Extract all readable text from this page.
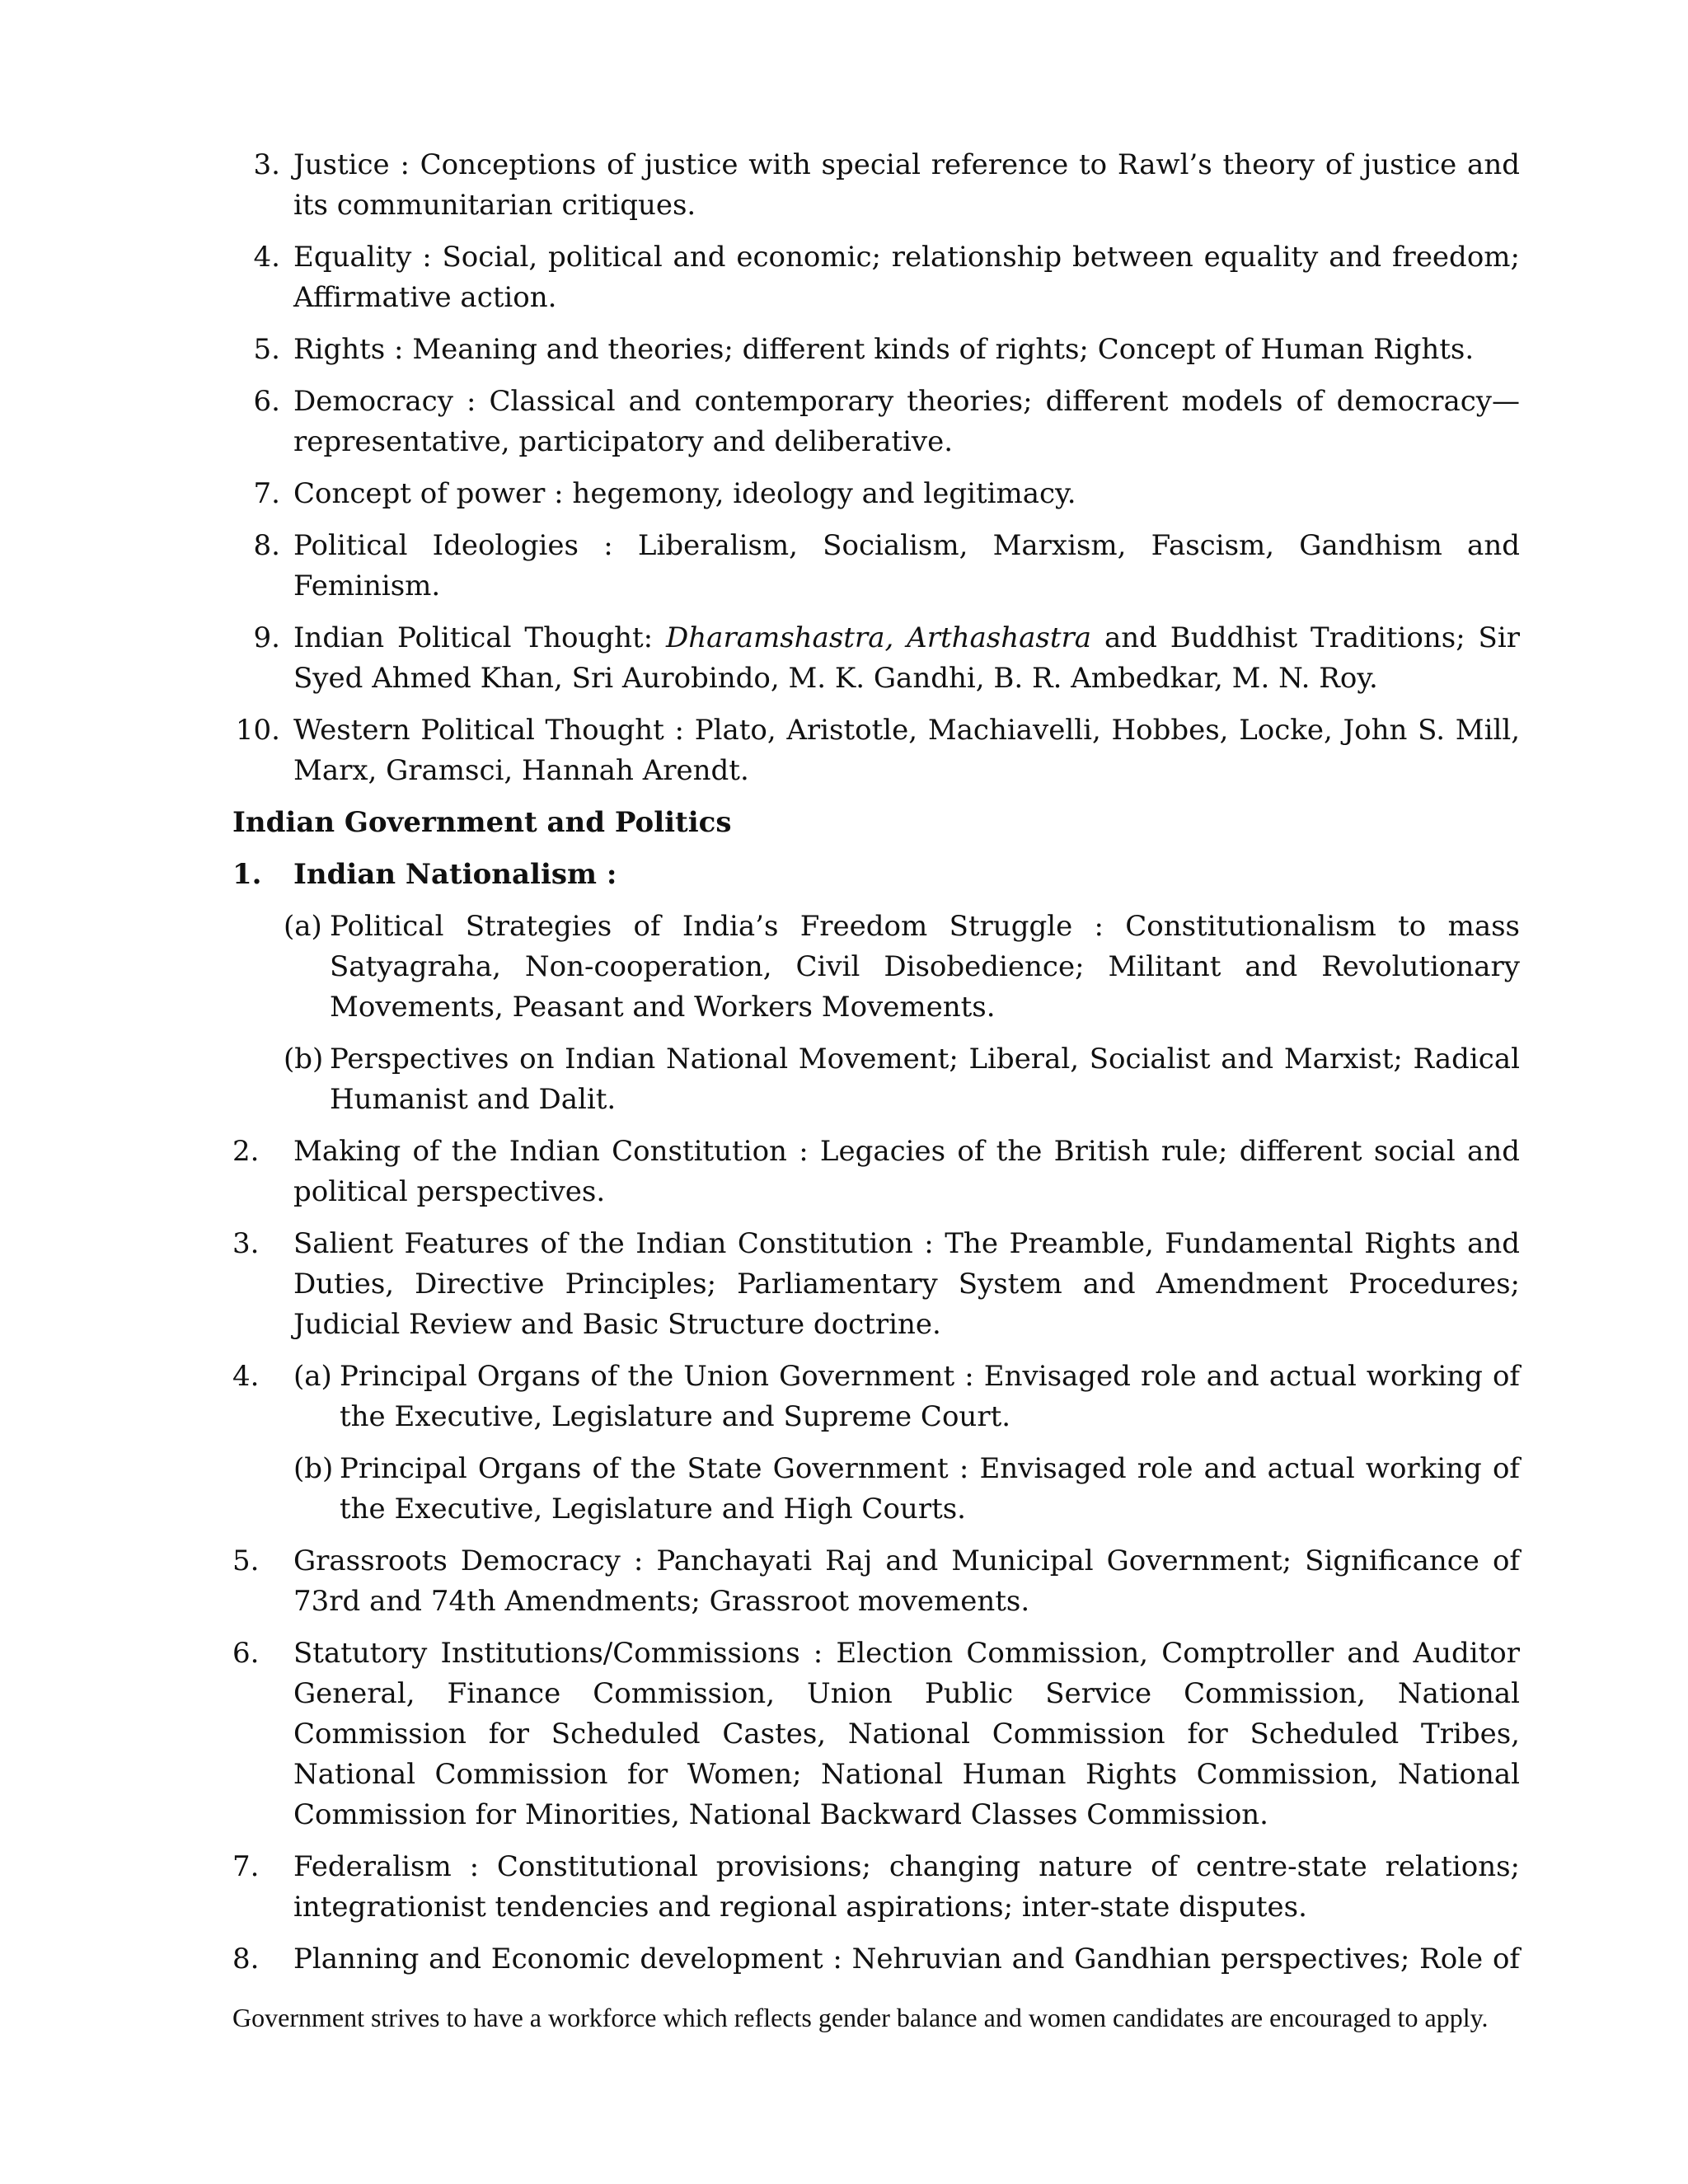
3. Justice : Conceptions of justice with special reference to Rawl’s theory of justice and its communitarian critiques.
4. Equality : Social, political and economic; relationship between equality and freedom; Affirmative action.
5. Rights : Meaning and theories; different kinds of rights; Concept of Human Rights.
6. Democracy : Classical and contemporary theories; different models of democracy—representative, participatory and deliberative.
7. Concept of power : hegemony, ideology and legitimacy.
8. Political Ideologies : Liberalism, Socialism, Marxism, Fascism, Gandhism and Feminism.
9. Indian Political Thought: Dharamshastra, Arthashastra and Buddhist Traditions; Sir Syed Ahmed Khan, Sri Aurobindo, M. K. Gandhi, B. R. Ambedkar, M. N. Roy.
10. Western Political Thought : Plato, Aristotle, Machiavelli, Hobbes, Locke, John S. Mill, Marx, Gramsci, Hannah Arendt.
Indian Government and Politics
1.	Indian Nationalism :
(a) Political Strategies of India’s Freedom Struggle : Constitutionalism to mass Satyagraha, Non-cooperation, Civil Disobedience; Militant and Revolutionary Movements, Peasant and Workers Movements.
(b) Perspectives on Indian National Movement; Liberal, Socialist and Marxist; Radical Humanist and Dalit.
2.	Making of the Indian Constitution : Legacies of the British rule; different social and political perspectives.
3.	Salient Features of the Indian Constitution : The Preamble, Fundamental Rights and Duties, Directive Principles; Parliamentary System and Amendment Procedures; Judicial Review and Basic Structure doctrine.
4.	(a) Principal Organs of the Union Government : Envisaged role and actual working of the Executive, Legislature and Supreme Court.
(b) Principal Organs of the State Government : Envisaged role and actual working of the Executive, Legislature and High Courts.
5.	Grassroots Democracy : Panchayati Raj and Municipal Government; Significance of 73rd and 74th Amendments; Grassroot movements.
6.	Statutory Institutions/Commissions : Election Commission, Comptroller and Auditor General, Finance Commission, Union Public Service Commission, National Commission for Scheduled Castes, National Commission for Scheduled Tribes, National Commission for Women; National Human Rights Commission, National Commission for Minorities, National Backward Classes Commission.
7.	Federalism : Constitutional provisions; changing nature of centre-state relations; integrationist tendencies and regional aspirations; inter-state disputes.
8.	Planning and Economic development : Nehruvian and Gandhian perspectives; Role of
Government strives to have a workforce which reflects gender balance and women candidates are encouraged to apply.
